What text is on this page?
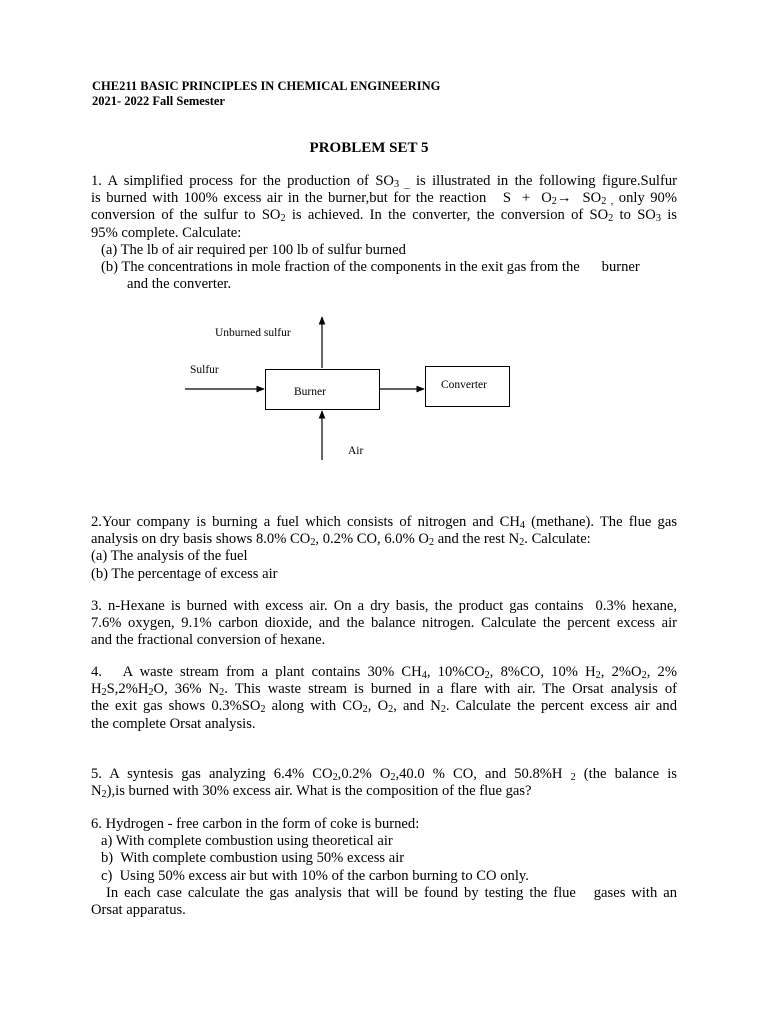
CHE211 BASIC PRINCIPLES IN CHEMICAL ENGINEERING
2021- 2022 Fall Semester
PROBLEM SET 5
1. A simplified process for the production of $SO_{3 \_}$ is illustrated in the following figure.Sulfur
is burned with 100% excess air in the burner,but for the reaction   $S + O_2\to SO_{2 ,}$ only 90%
conversion of the sulfur to $SO_2$ is achieved. In the converter, the conversion of $SO_2$ to $SO_3$ is
95% complete. Calculate:
(a) The lb of air required per 100 lb of sulfur burned
(b) The concentrations in mole fraction of the components in the exit gas from the      burner
and the converter.
Unburned sulfur
Sulfur
Burner
Converter
Air
2.Your company is burning a fuel which consists of nitrogen and $CH_4$ (methane). The flue gas
analysis on dry basis shows 8.0% $CO_2$, 0.2% CO, 6.0% $O_2$ and the rest $N_2$. Calculate:
(a) The analysis of the fuel
(b) The percentage of excess air
3. n-Hexane is burned with excess air. On a dry basis, the product gas contains  0.3% hexane,
7.6% oxygen, 9.1% carbon dioxide, and the balance nitrogen. Calculate the percent excess air
and the fractional conversion of hexane.
4.   A waste stream from a plant contains 30% $CH_4$, $10\%CO_2$, 8%CO, 10% $H_2$, $2\%O_2$, 2%
$H_2S,2\%H_2O$, 36% $N_2$. This waste stream is burned in a flare with air. The Orsat analysis of
the exit gas shows $0.3\%SO_2$ along with $CO_2$, $O_2$, and $N_2$. Calculate the percent excess air and
the complete Orsat analysis.
5. A syntesis gas analyzing 6.4% $CO_2,0.2\%$ $O_2,40.0$ % CO, and 50.8%H $_2$ (the balance is
$N_2),is$ burned with 30% excess air. What is the composition of the flue gas?
6. Hydrogen - free carbon in the form of coke is burned:
a) With complete combustion using theoretical air
b)  With complete combustion using 50% excess air
c)  Using 50% excess air but with 10% of the carbon burning to CO only.
In each case calculate the gas analysis that will be found by testing the flue   gases with an
Orsat apparatus.
